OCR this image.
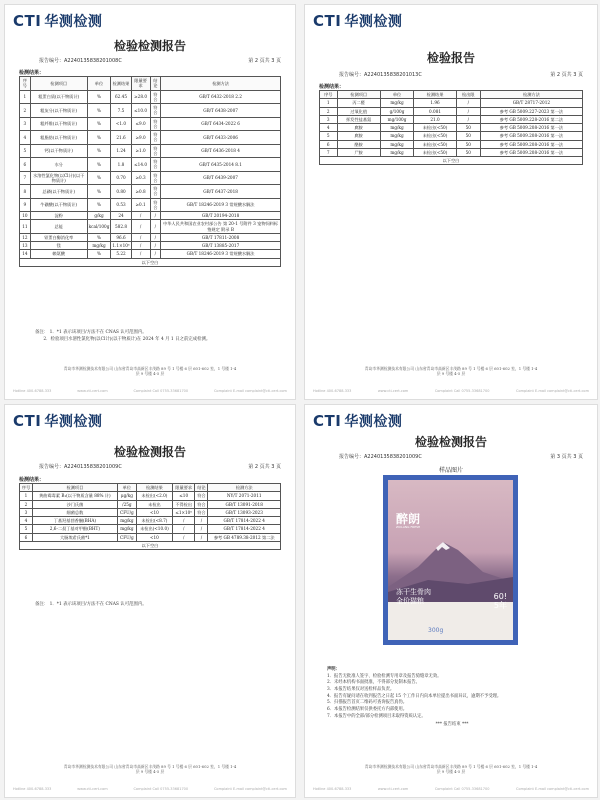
CTI 华测检测
检验检测报告
报告编号：A2240135838201008C	第 2 页共 3 页
检测结果：
序号	检测项目	单位	检测结果	限量要求	结论	检测方法
1	粗蛋白质(以干物质计)	%	62.45	≥28.0	符合	GB/T 6432-2018 2.2
2	粗灰分(以干物质计)	%	7.5	≤10.0	符合	GB/T 6438-2007
3	粗纤维(以干物质计)	%	<1.0	≤9.0	符合	GB/T 6434-2022 6
4	粗脂肪(以干物质计)	%	21.6	≥9.0	符合	GB/T 6433-2006
5	钙(以干物质计)	%	1.24	≥1.0	符合	GB/T 6436-2018 4
6	水分	%	1.8	≤14.0	符合	GB/T 6435-2014 8.1
7	水溶性氯化物(以Cl计)(以干物质计)	%	0.70	≥0.3	符合	GB/T 6439-2007
8	总磷(以干物质计)	%	0.80	≥0.8	符合	GB/T 6437-2018
9	牛磺酸(以干物质计)	%	0.53	≥0.1	符合	GB/T 18246-2019 3 常规酸水解法
10	淀粉	g/kg	24	/	/	GB/T 20194-2018
11	总能	kcal/100g	582.8	/	/	中华人民共和国农业农村部公告 第 20-1 号附件 3 宠物饲料标签规定 附录 B
12	胃蛋白酶消化率	%	96.6	/	/	GB/T 17811-2008
13	镁	mg/kg	1.1×10³	/	/	GB/T 13885-2017
14	赖氨酸	%	5.22	/	/	GB/T 18246-2019 3 常规酸水解法
以下空白						
备注： 1．*1 表示该项目/方法不在 CNAS 认可范围内。
2．检验项目水溶性氯化物(以Cl计)(以干物质计)在 2024 年 4 月 1 日之前完成检测。
青岛市华测检测技术有限公司 山东省青岛市高新区丰茂路 89 号 1 号楼 6 层 601-602 室，1 号楼 1-4
层 9 号楼 4-5 层
Hotline 400-6788-333	www.cti-cert.com	Complaint Call 0755-33681700	Complaint E-mail complaint@cti-cert.com
CTI 华测检测
检验报告
报告编号：A2240135838201013C	第 2 页共 3 页
检测结果：
序号	检测项目	单位	检测结果	检出限	检测方法
1	丙二醛	mg/kg	1.96	/	GB/T 28717-2012
2	过氧化值	g/100g	0.081	/	参考 GB 5009.227-2023 第一法
3	挥发性盐基氮	mg/100g	21.0	/	参考 GB 5009.228-2016 第二法
4	腐胺	mg/kg	未检出(<50)	50	参考 GB 5009.208-2016 第一法
5	腐胺	mg/kg	未检出(<50)	50	参考 GB 5009.208-2016 第一法
6	酪胺	mg/kg	未检出(<50)	50	参考 GB 5009.208-2016 第一法
7	尸胺	mg/kg	未检出(<50)	50	参考 GB 5009.208-2016 第一法
以下空白					
青岛市华测检测技术有限公司 山东省青岛市高新区丰茂路 89 号 1 号楼 6 层 601-602 室，1 号楼 1-4
层 9 号楼 4-5 层
Hotline 400-6788-333	www.cti-cert.com	Complaint Call 0755-33681700	Complaint E-mail complaint@cti-cert.com
CTI 华测检测
检验检测报告
报告编号：A2240135838201009C	第 2 页共 3 页
检测结果：
序号	检测项目	单位	检测结果	限量要求	结论	检测方法
1	黄曲霉毒素 B₁(以干物质含量 88% 计)	μg/kg	未检出(<2.0)	≤10	符合	NY/T 2071-2011
2	沙门氏菌	/25g	未检出	不得检出	符合	GB/T 13091-2018
3	细菌总数	CFU/g	<10	≤1×10⁶	符合	GB/T 13093-2023
4	丁基羟基茴香醚(BHA)	mg/kg	未检出(<8.7)	/	/	GB/T 17814-2022 4
5	2,6-二叔丁基对甲酚(BHT)	mg/kg	未检出(<10.0)	/	/	GB/T 17814-2022 4
6	大肠埃希氏菌*1	CFU/g	<10	/	/	参考 GB 4789.38-2012 第二法
以下空白						
备注： 1．*1 表示该项目/方法不在 CNAS 认可范围内。
青岛市华测检测技术有限公司 山东省青岛市高新区丰茂路 89 号 1 号楼 6 层 601-602 室，1 号楼 1-4
层 9 号楼 4-5 层
Hotline 400-6788-333	www.cti-cert.com	Complaint Call 0755-33681700	Complaint E-mail complaint@cti-cert.com
CTI 华测检测
检验检测报告
报告编号：A2240135838201009C	第 3 页共 3 页
样品图片
醉朗
ZUILANG FRESH
冻干生骨肉
全价猫粮
60!
5年
300g
声明：
1．报告无批准人签字、检验检测专用章及报告骑缝章无效。
2．未经本机构书面批准，不得部分复制本报告。
3．本报告结果仅对送检样品负责。
4．报告有疑问请在收到报告之日起 15 个工作日内向本单位提出书面异议，逾期不予受理。
5．扫描报告首页二维码可查询报告真伪。
6．本报告检测结果仅供委托方内部使用。
7．本报告中的全部/部分检测项目未取得资质认定。
*** 报告结束 ***
青岛市华测检测技术有限公司 山东省青岛市高新区丰茂路 89 号 1 号楼 6 层 601-602 室，1 号楼 1-4
层 9 号楼 4-5 层
Hotline 400-6788-333	www.cti-cert.com	Complaint Call 0755-33681700	Complaint E-mail complaint@cti-cert.com
